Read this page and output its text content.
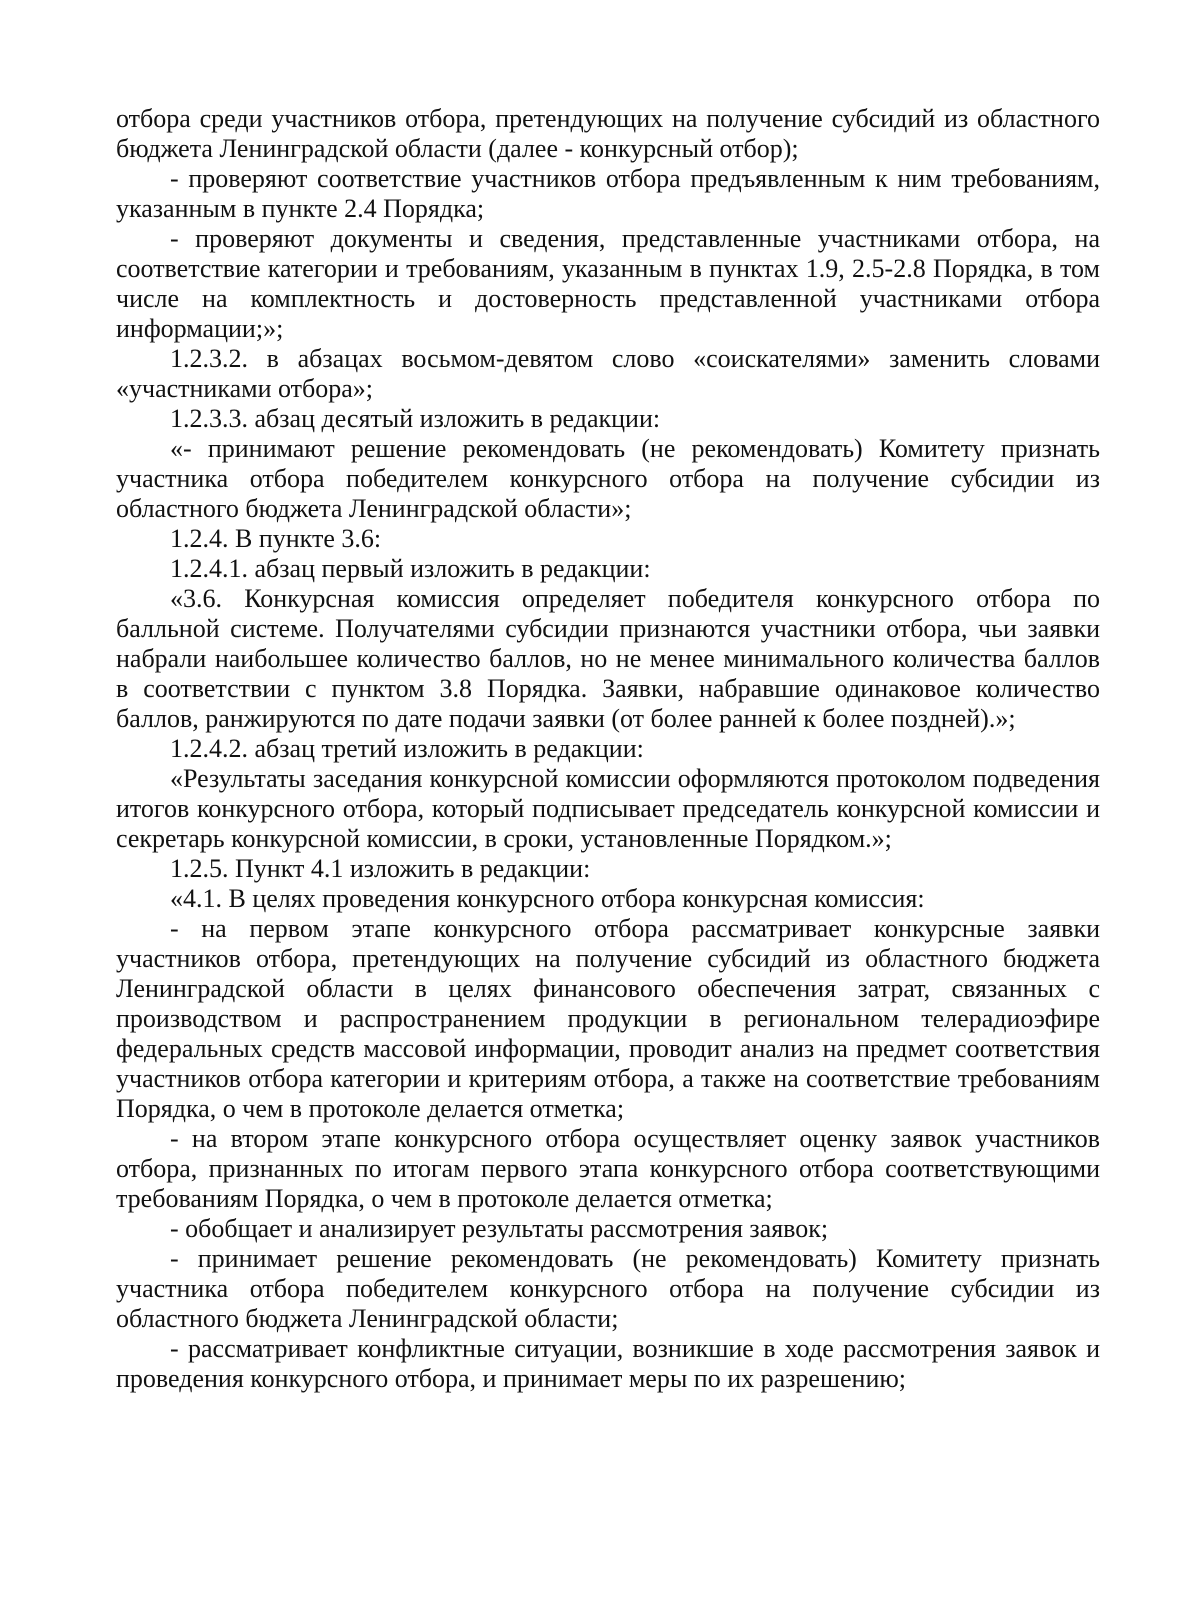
отбора среди участников отбора, претендующих на получение субсидий из областного бюджета Ленинградской области (далее - конкурсный отбор);

- проверяют соответствие участников отбора предъявленным к ним требованиям, указанным в пункте 2.4 Порядка;

- проверяют документы и сведения, представленные участниками отбора, на соответствие категории и требованиям, указанным в пунктах 1.9, 2.5-2.8 Порядка, в том числе на комплектность и достоверность представленной участниками отбора информации;»;

1.2.3.2. в абзацах восьмом-девятом слово «соискателями» заменить словами «участниками отбора»;

1.2.3.3. абзац десятый изложить в редакции:

«- принимают решение рекомендовать (не рекомендовать) Комитету признать участника отбора победителем конкурсного отбора на получение субсидии из областного бюджета Ленинградской области»;

1.2.4. В пункте 3.6:

1.2.4.1. абзац первый изложить в редакции:

«3.6. Конкурсная комиссия определяет победителя конкурсного отбора по балльной системе. Получателями субсидии признаются участники отбора, чьи заявки набрали наибольшее количество баллов, но не менее минимального количества баллов в соответствии с пунктом 3.8 Порядка. Заявки, набравшие одинаковое количество баллов, ранжируются по дате подачи заявки (от более ранней к более поздней).»;

1.2.4.2. абзац третий изложить в редакции:

«Результаты заседания конкурсной комиссии оформляются протоколом подведения итогов конкурсного отбора, который подписывает председатель конкурсной комиссии и секретарь конкурсной комиссии, в сроки, установленные Порядком.»;

1.2.5. Пункт 4.1 изложить в редакции:

«4.1. В целях проведения конкурсного отбора конкурсная комиссия:

- на первом этапе конкурсного отбора рассматривает конкурсные заявки участников отбора, претендующих на получение субсидий из областного бюджета Ленинградской области в целях финансового обеспечения затрат, связанных с производством и распространением продукции в региональном телерадиоэфире федеральных средств массовой информации, проводит анализ на предмет соответствия участников отбора категории и критериям отбора, а также на соответствие требованиям Порядка, о чем в протоколе делается отметка;

- на втором этапе конкурсного отбора осуществляет оценку заявок участников отбора, признанных по итогам первого этапа конкурсного отбора соответствующими требованиям Порядка, о чем в протоколе делается отметка;

- обобщает и анализирует результаты рассмотрения заявок;

- принимает решение рекомендовать (не рекомендовать) Комитету признать участника отбора победителем конкурсного отбора на получение субсидии из областного бюджета Ленинградской области;

- рассматривает конфликтные ситуации, возникшие в ходе рассмотрения заявок и проведения конкурсного отбора, и принимает меры по их разрешению;
